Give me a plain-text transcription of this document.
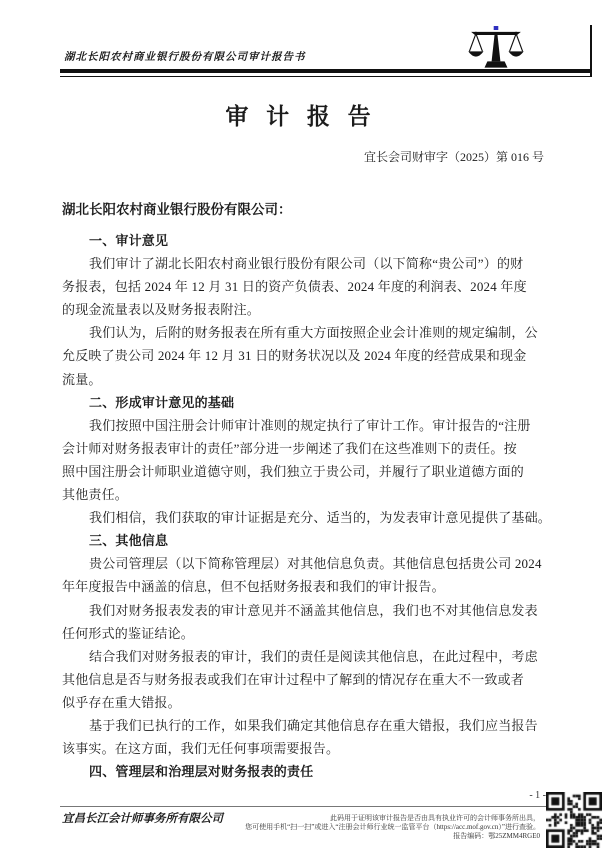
湖北长阳农村商业银行股份有限公司审计报告书
审 计 报 告
宜长会司财审字（2025）第 016 号
湖北长阳农村商业银行股份有限公司：
一、审计意见
我们审计了湖北长阳农村商业银行股份有限公司（以下简称“贵公司”）的财
务报表，包括 2024 年 12 月 31 日的资产负债表、2024 年度的利润表、2024 年度
的现金流量表以及财务报表附注。
我们认为，后附的财务报表在所有重大方面按照企业会计准则的规定编制，公
允反映了贵公司 2024 年 12 月 31 日的财务状况以及 2024 年度的经营成果和现金
流量。
二、形成审计意见的基础
我们按照中国注册会计师审计准则的规定执行了审计工作。审计报告的“注册
会计师对财务报表审计的责任”部分进一步阐述了我们在这些准则下的责任。按
照中国注册会计师职业道德守则，我们独立于贵公司，并履行了职业道德方面的
其他责任。
我们相信，我们获取的审计证据是充分、适当的，为发表审计意见提供了基础。
三、其他信息
贵公司管理层（以下简称管理层）对其他信息负责。其他信息包括贵公司 2024
年年度报告中涵盖的信息，但不包括财务报表和我们的审计报告。
我们对财务报表发表的审计意见并不涵盖其他信息，我们也不对其他信息发表
任何形式的鉴证结论。
结合我们对财务报表的审计，我们的责任是阅读其他信息，在此过程中，考虑
其他信息是否与财务报表或我们在审计过程中了解到的情况存在重大不一致或者
似乎存在重大错报。
基于我们已执行的工作，如果我们确定其他信息存在重大错报，我们应当报告
该事实。在这方面，我们无任何事项需要报告。
四、管理层和治理层对财务报表的责任
- 1 -
宜昌长江会计师事务所有限公司	此码用于证明该审计报告是否由具有执业许可的会计师事务所出具，
您可使用手机“扫一扫”或进入“注册会计师行业统一监管平台（https://acc.mof.gov.cn）”进行查验。
报告编码：鄂25ZMM4RGE0
